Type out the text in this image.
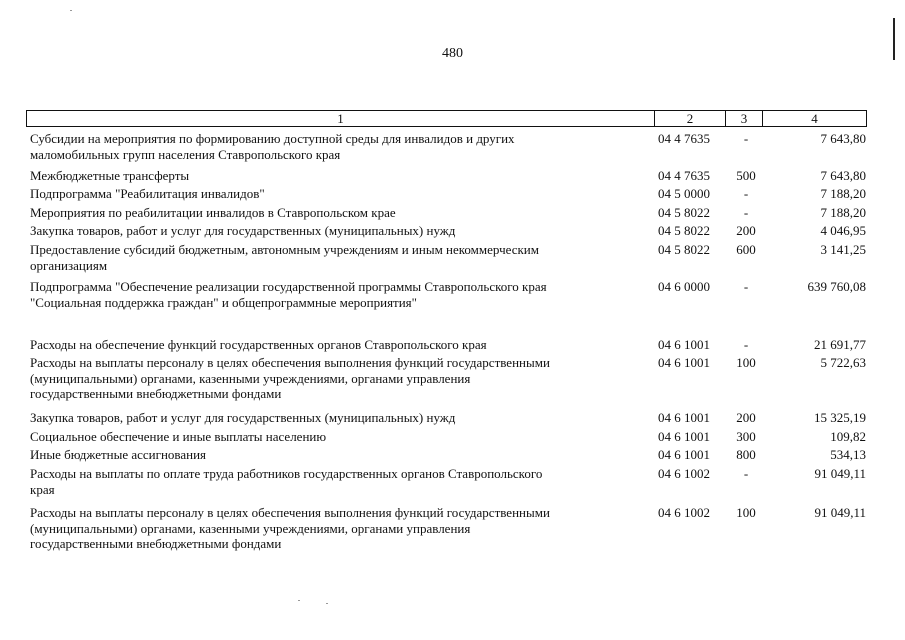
480
1	2	3	4
Субсидии на мероприятия по формированию доступной среды для инвалидов и других
маломобильных групп населения Ставропольского края
04 4 7635	-	7 643,80
Межбюджетные трансферты	04 4 7635	500	7 643,80
Подпрограмма "Реабилитация инвалидов"	04 5 0000	-	7 188,20
Мероприятия по реабилитации инвалидов в Ставропольском крае	04 5 8022	-	7 188,20
Закупка товаров, работ и услуг для государственных (муниципальных) нужд	04 5 8022	200	4 046,95
Предоставление субсидий бюджетным, автономным учреждениям и иным некоммерческим
организациям
04 5 8022	600	3 141,25
Подпрограмма "Обеспечение реализации государственной программы Ставропольского края
"Социальная поддержка граждан" и общепрограммные мероприятия"
04 6 0000	-	639 760,08
Расходы на обеспечение функций государственных органов Ставропольского края	04 6 1001	-	21 691,77
Расходы на выплаты персоналу в целях обеспечения выполнения функций государственными
(муниципальными) органами, казенными учреждениями, органами управления
государственными внебюджетными фондами
04 6 1001	100	5 722,63
Закупка товаров, работ и услуг для государственных (муниципальных) нужд	04 6 1001	200	15 325,19
Социальное обеспечение и иные выплаты населению	04 6 1001	300	109,82
Иные бюджетные ассигнования	04 6 1001	800	534,13
Расходы на выплаты по оплате труда работников государственных органов Ставропольского
края
04 6 1002	-	91 049,11
Расходы на выплаты персоналу в целях обеспечения выполнения функций государственными
(муниципальными) органами, казенными учреждениями, органами управления
государственными внебюджетными фондами
04 6 1002	100	91 049,11
